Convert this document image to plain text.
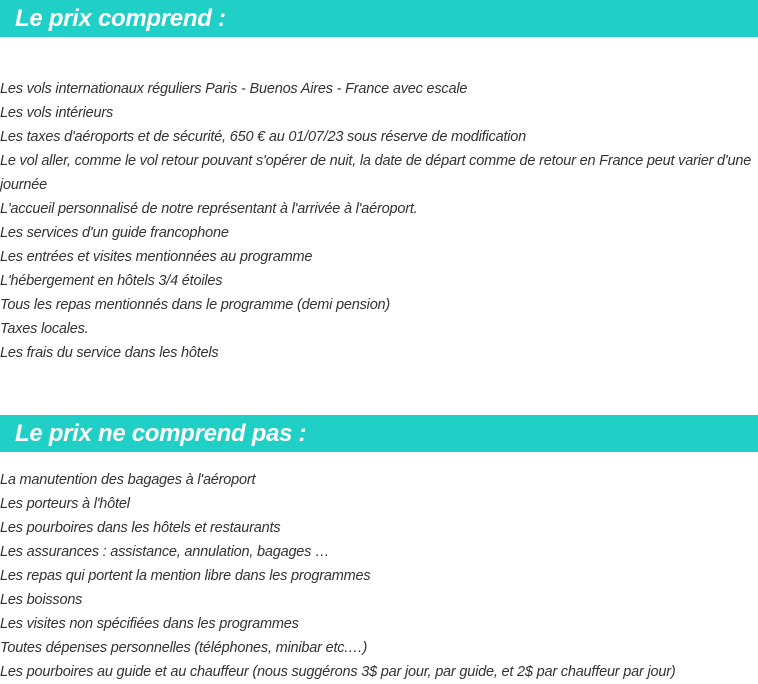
Le prix comprend :
Les vols internationaux réguliers Paris - Buenos Aires - France avec escale
Les vols intérieurs
Les taxes d'aéroports et de sécurité, 650 € au 01/07/23 sous réserve de modification
Le vol aller, comme le vol retour pouvant s'opérer de nuit, la date de départ comme de retour en France peut varier d'une journée
L'accueil personnalisé de notre représentant à l'arrivée à l'aéroport.
Les services d'un guide francophone
Les entrées et visites mentionnées au programme
L'hébergement en hôtels 3/4 étoiles
Tous les repas mentionnés dans le programme (demi pension)
Taxes locales.
Les frais du service dans les hôtels
Le prix ne comprend pas :
La manutention des bagages à l'aéroport
Les porteurs à l'hôtel
Les pourboires dans les hôtels et restaurants
Les assurances : assistance, annulation, bagages …
Les repas qui portent la mention libre dans les programmes
Les boissons
Les visites non spécifiées dans les programmes
Toutes dépenses personnelles (téléphones, minibar etc.…)
Les pourboires au guide et au chauffeur (nous suggérons 3$ par jour, par guide, et 2$ par chauffeur par jour)
